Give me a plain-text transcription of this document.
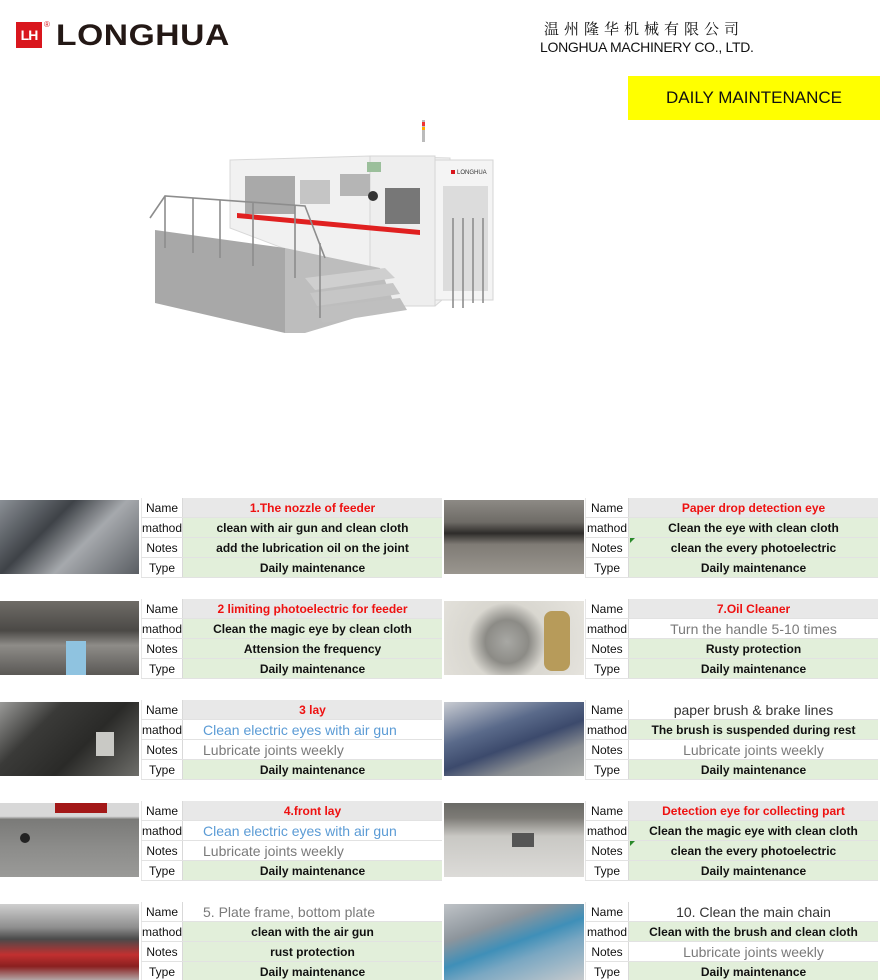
LH
® LONGHUA	温州隆华机械有限公司
LONGHUA MACHINERY CO., LTD.
DAILY MAINTENANCE
LONGHUA
Name	1.The nozzle of feeder
mathod	clean with air gun and clean cloth
Notes	add the lubrication oil on the joint
Type	Daily maintenance
Name	Paper drop detection eye
mathod	Clean the eye with clean cloth
Notes	clean the every photoelectric
Type	Daily maintenance
Name	2 limiting photoelectric for feeder
mathod	Clean the magic eye by clean cloth
Notes	Attension the frequency
Type	Daily maintenance
Name	7.Oil Cleaner
mathod	Turn the handle 5-10 times
Notes	Rusty protection
Type	Daily maintenance
Name	3 lay
mathod	Clean electric eyes with air gun
Notes	Lubricate joints weekly
Type	Daily maintenance
Name	paper brush & brake lines
mathod	The brush is suspended during rest
Notes	Lubricate joints weekly
Type	Daily maintenance
Name	4.front lay
mathod	Clean electric eyes with air gun
Notes	Lubricate joints weekly
Type	Daily maintenance
Name	Detection eye for collecting part
mathod	Clean the magic eye with clean cloth
Notes	clean the every photoelectric
Type	Daily maintenance
Name	5. Plate frame, bottom plate
mathod	clean with the air gun
Notes	rust protection
Type	Daily maintenance
Name	10. Clean the main chain
mathod	Clean with the brush and clean cloth
Notes	Lubricate joints weekly
Type	Daily maintenance
